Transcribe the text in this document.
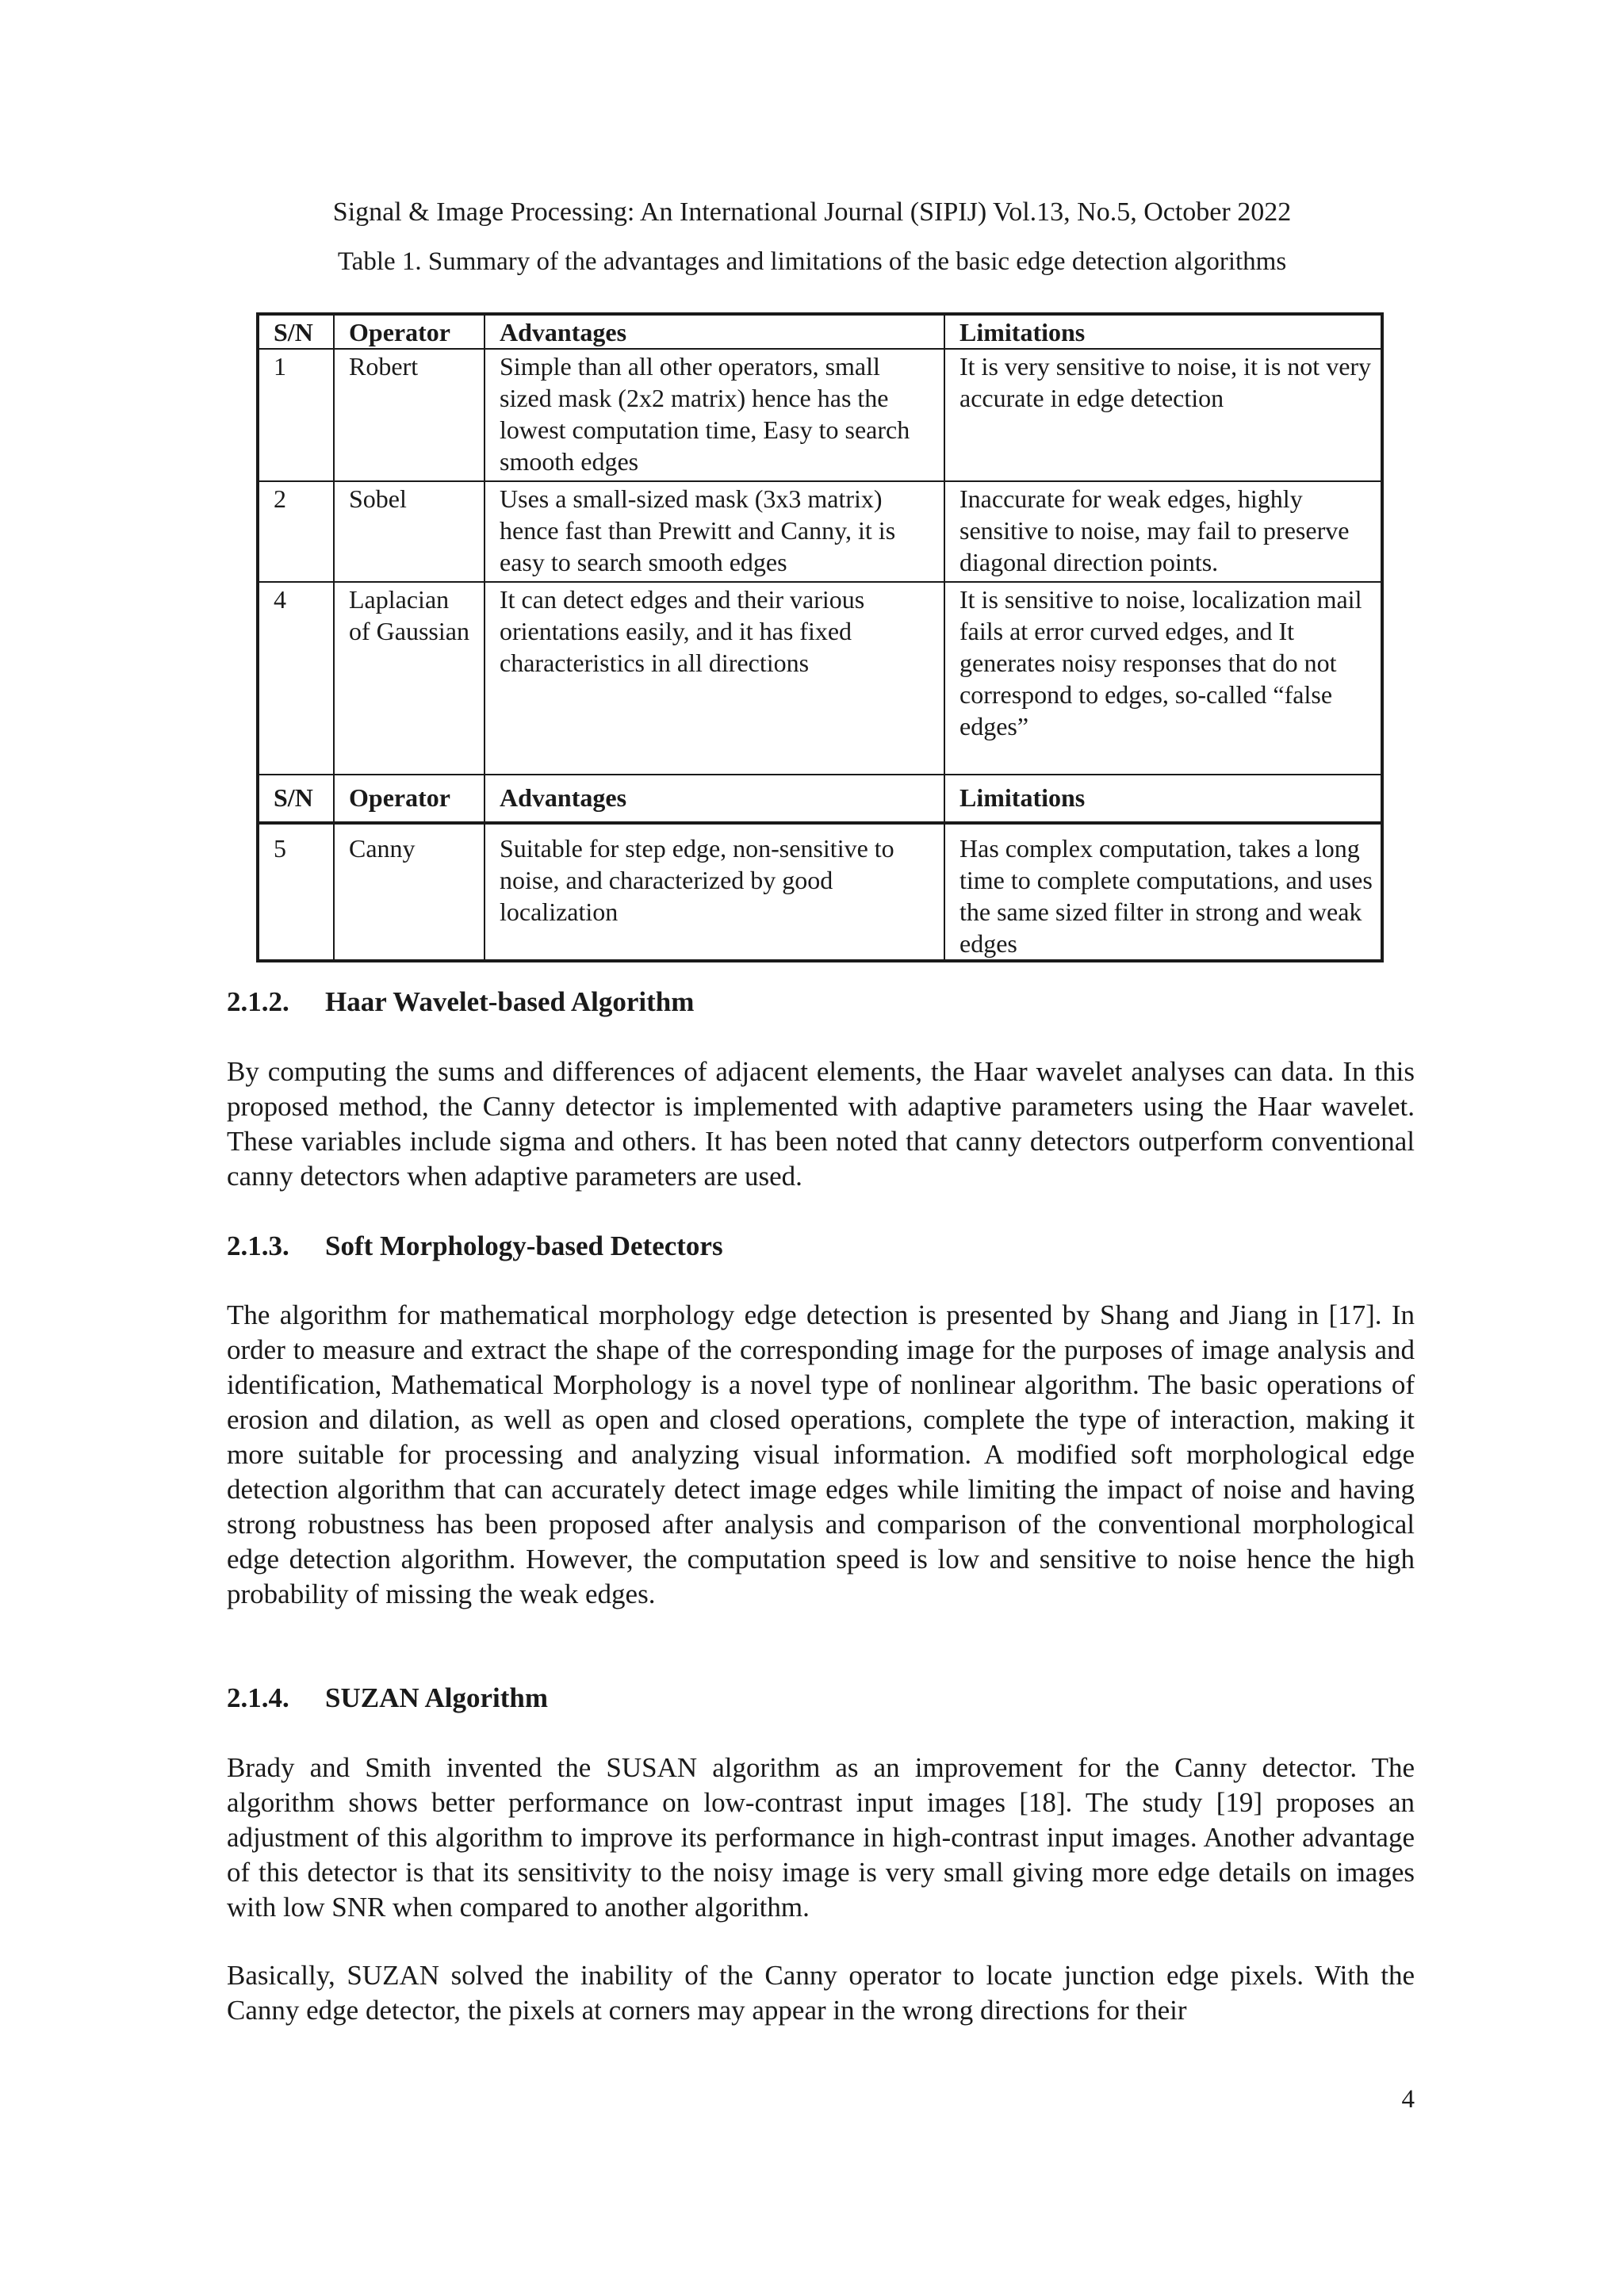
Signal & Image Processing: An International Journal (SIPIJ) Vol.13, No.5, October 2022
Table 1. Summary of the advantages and limitations of the basic edge detection algorithms
S/N	Operator	Advantages	Limitations
1	Robert	Simple than all other operators, small sized mask (2x2 matrix) hence has the lowest computation time, Easy to search smooth edges	It is very sensitive to noise, it is not very accurate in edge detection
2	Sobel	Uses a small-sized mask (3x3 matrix) hence fast than Prewitt and Canny, it is easy to search smooth edges	Inaccurate for weak edges, highly sensitive to noise, may fail to preserve diagonal direction points.
4	Laplacian of Gaussian	It can detect edges and their various orientations easily, and it has fixed characteristics in all directions	It is sensitive to noise, localization mail fails at error curved edges, and It generates noisy responses that do not correspond to edges, so-called “false edges”
S/N	Operator	Advantages	Limitations
5	Canny	Suitable for step edge, non-sensitive to noise, and characterized by good localization	Has complex computation, takes a long time to complete computations, and uses the same sized filter in strong and weak edges
2.1.2. Haar Wavelet-based Algorithm

By computing the sums and differences of adjacent elements, the Haar wavelet analyses can data. In this proposed method, the Canny detector is implemented with adaptive parameters using the Haar wavelet. These variables include sigma and others. It has been noted that canny detectors outperform conventional canny detectors when adaptive parameters are used.

2.1.3. Soft Morphology-based Detectors

The algorithm for mathematical morphology edge detection is presented by Shang and Jiang in [17]. In order to measure and extract the shape of the corresponding image for the purposes of image analysis and identification, Mathematical Morphology is a novel type of nonlinear algorithm. The basic operations of erosion and dilation, as well as open and closed operations, complete the type of interaction, making it more suitable for processing and analyzing visual information. A modified soft morphological edge detection algorithm that can accurately detect image edges while limiting the impact of noise and having strong robustness has been proposed after analysis and comparison of the conventional morphological edge detection algorithm. However, the computation speed is low and sensitive to noise hence the high probability of missing the weak edges.

2.1.4. SUZAN Algorithm

Brady and Smith invented the SUSAN algorithm as an improvement for the Canny detector. The algorithm shows better performance on low-contrast input images [18]. The study [19] proposes an adjustment of this algorithm to improve its performance in high-contrast input images. Another advantage of this detector is that its sensitivity to the noisy image is very small giving more edge details on images with low SNR when compared to another algorithm.

Basically, SUZAN solved the inability of the Canny operator to locate junction edge pixels. With the Canny edge detector, the pixels at corners may appear in the wrong directions for their

4
